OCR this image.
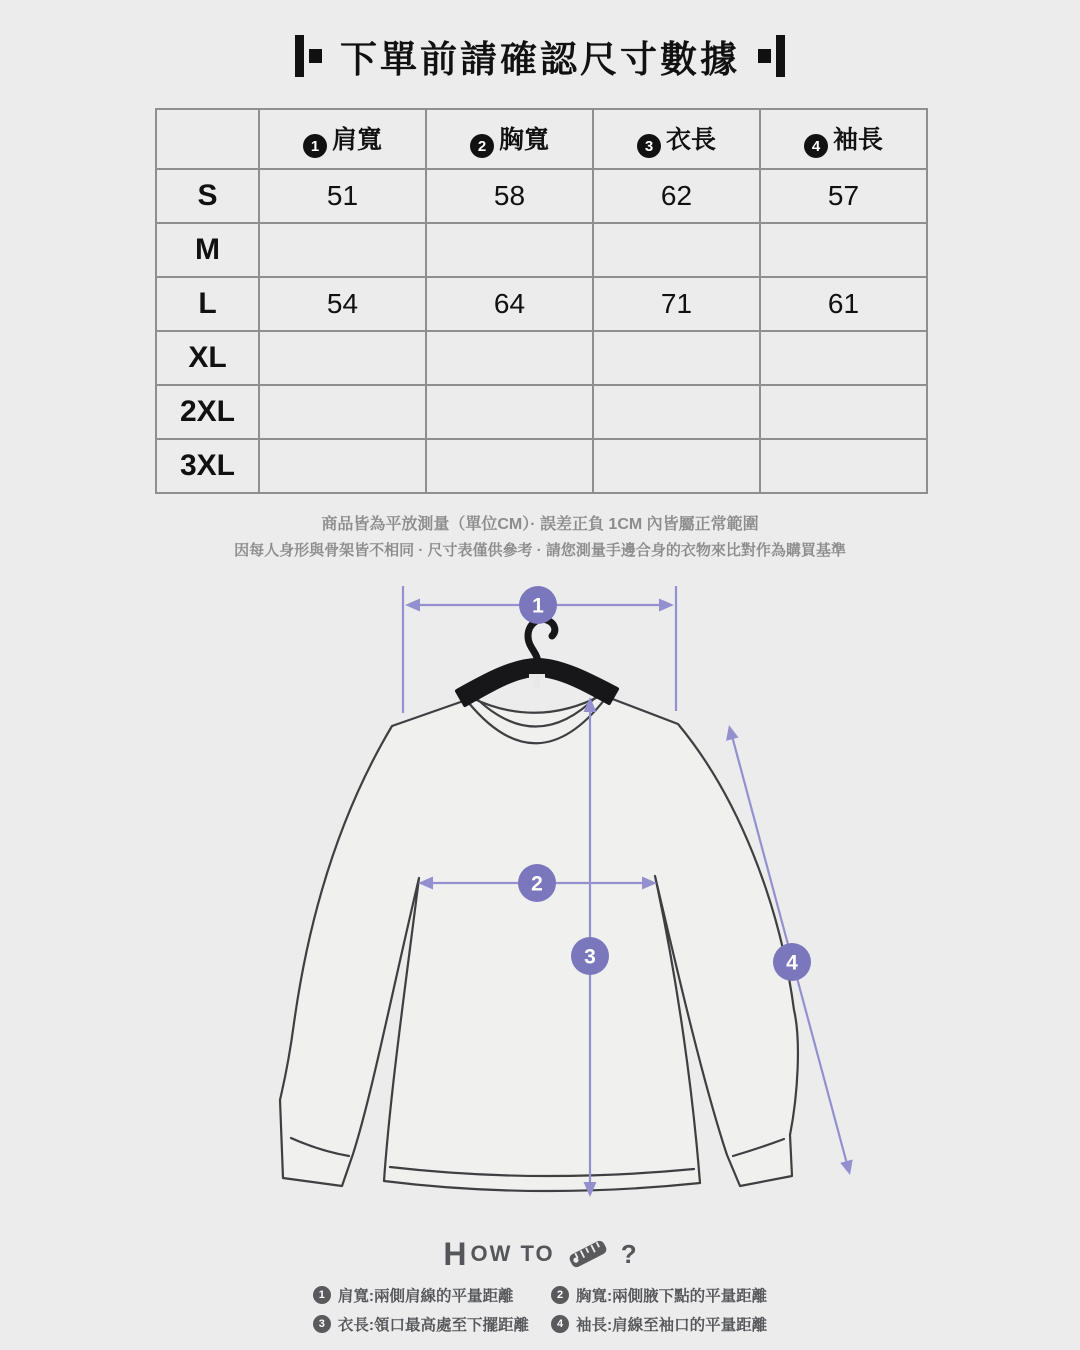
下單前請確認尺寸數據
	1 肩寬	2 胸寬	3 衣長	4 袖長
S	51	58	62	57
M				
L	54	64	71	61
XL				
2XL				
3XL				
商品皆為平放測量（單位CM）· 誤差正負 1CM 內皆屬正常範圍
因每人身形與骨架皆不相同 · 尺寸表僅供參考 · 請您測量手邊合身的衣物來比對作為購買基準
1
2
3	4
H OW TO	?
1 肩寬:兩側肩線的平量距離	2 胸寬:兩側腋下點的平量距離
3 衣長:領口最高處至下擺距離	4 袖長:肩線至袖口的平量距離
